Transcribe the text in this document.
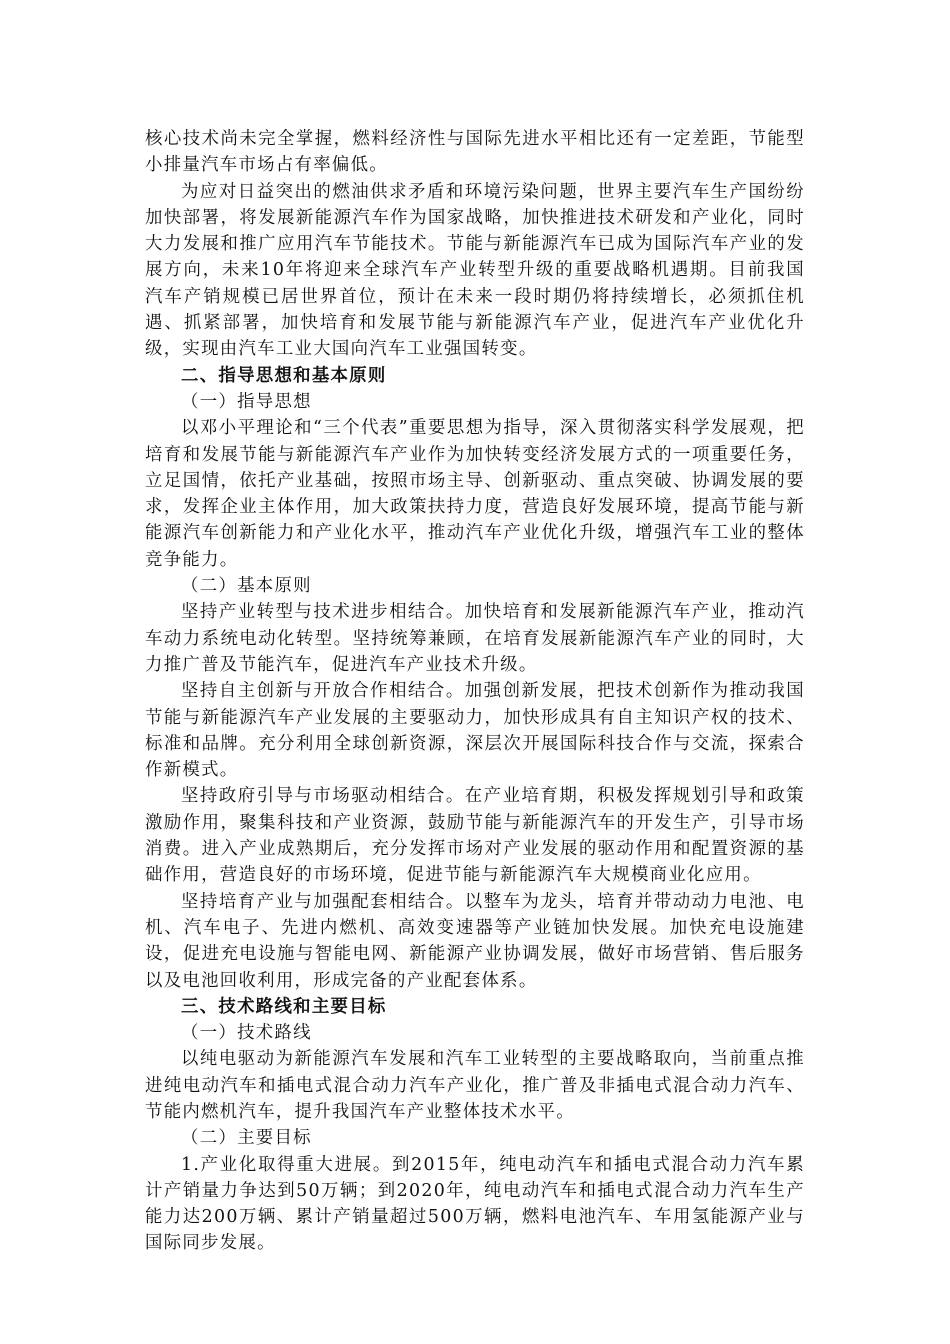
核心技术尚未完全掌握，燃料经济性与国际先进水平相比还有一定差距，节能型小排量汽车市场占有率偏低。

为应对日益突出的燃油供求矛盾和环境污染问题，世界主要汽车生产国纷纷加快部署，将发展新能源汽车作为国家战略，加快推进技术研发和产业化，同时大力发展和推广应用汽车节能技术。节能与新能源汽车已成为国际汽车产业的发展方向，未来10年将迎来全球汽车产业转型升级的重要战略机遇期。目前我国汽车产销规模已居世界首位，预计在未来一段时期仍将持续增长，必须抓住机遇、抓紧部署，加快培育和发展节能与新能源汽车产业，促进汽车产业优化升级，实现由汽车工业大国向汽车工业强国转变。

二、指导思想和基本原则

（一）指导思想

以邓小平理论和“三个代表”重要思想为指导，深入贯彻落实科学发展观，把培育和发展节能与新能源汽车产业作为加快转变经济发展方式的一项重要任务，立足国情，依托产业基础，按照市场主导、创新驱动、重点突破、协调发展的要求，发挥企业主体作用，加大政策扶持力度，营造良好发展环境，提高节能与新能源汽车创新能力和产业化水平，推动汽车产业优化升级，增强汽车工业的整体竞争能力。

（二）基本原则

坚持产业转型与技术进步相结合。加快培育和发展新能源汽车产业，推动汽车动力系统电动化转型。坚持统筹兼顾，在培育发展新能源汽车产业的同时，大力推广普及节能汽车，促进汽车产业技术升级。

坚持自主创新与开放合作相结合。加强创新发展，把技术创新作为推动我国节能与新能源汽车产业发展的主要驱动力，加快形成具有自主知识产权的技术、标准和品牌。充分利用全球创新资源，深层次开展国际科技合作与交流，探索合作新模式。

坚持政府引导与市场驱动相结合。在产业培育期，积极发挥规划引导和政策激励作用，聚集科技和产业资源，鼓励节能与新能源汽车的开发生产，引导市场消费。进入产业成熟期后，充分发挥市场对产业发展的驱动作用和配置资源的基础作用，营造良好的市场环境，促进节能与新能源汽车大规模商业化应用。

坚持培育产业与加强配套相结合。以整车为龙头，培育并带动动力电池、电机、汽车电子、先进内燃机、高效变速器等产业链加快发展。加快充电设施建设，促进充电设施与智能电网、新能源产业协调发展，做好市场营销、售后服务以及电池回收利用，形成完备的产业配套体系。

三、技术路线和主要目标

（一）技术路线

以纯电驱动为新能源汽车发展和汽车工业转型的主要战略取向，当前重点推进纯电动汽车和插电式混合动力汽车产业化，推广普及非插电式混合动力汽车、节能内燃机汽车，提升我国汽车产业整体技术水平。

（二）主要目标

1.产业化取得重大进展。到2015年，纯电动汽车和插电式混合动力汽车累计产销量力争达到50万辆；到2020年，纯电动汽车和插电式混合动力汽车生产能力达200万辆、累计产销量超过500万辆，燃料电池汽车、车用氢能源产业与国际同步发展。
